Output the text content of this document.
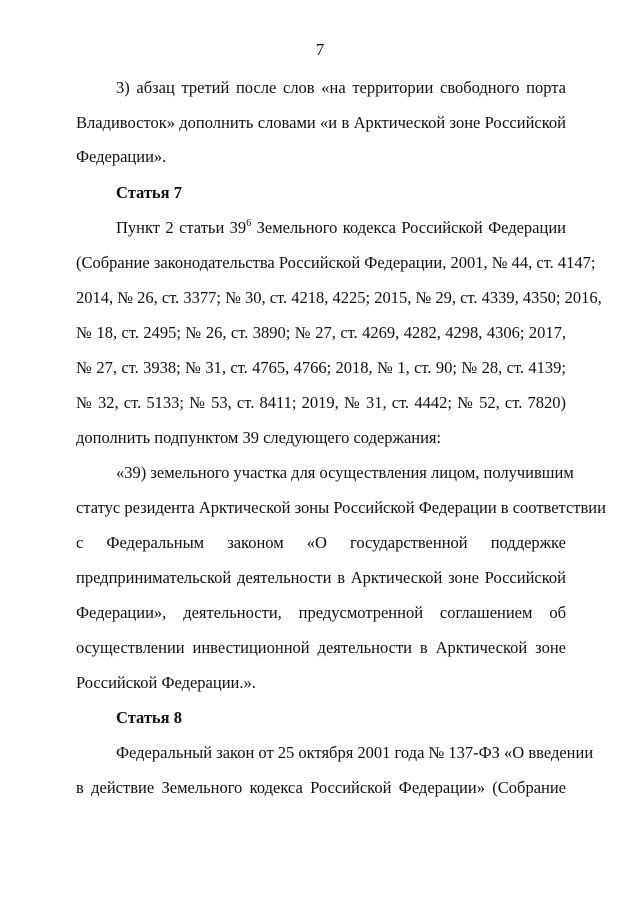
7
3) абзац третий после слов «на территории свободного порта
Владивосток» дополнить словами «и в Арктической зоне Российской
Федерации».
Статья 7
Пункт 2 статьи $39^6$ Земельного кодекса Российской Федерации
(Собрание законодательства Российской Федерации, 2001, № 44, ст. 4147;
2014, № 26, ст. 3377; № 30, ст. 4218, 4225; 2015, № 29, ст. 4339, 4350; 2016,
№ 18, ст. 2495; № 26, ст. 3890; № 27, ст. 4269, 4282, 4298, 4306; 2017,
№ 27, ст. 3938; № 31, ст. 4765, 4766; 2018, № 1, ст. 90; № 28, ст. 4139;
№ 32, ст. 5133; № 53, ст. 8411; 2019, № 31, ст. 4442; № 52, ст. 7820)
дополнить подпунктом 39 следующего содержания:
«39) земельного участка для осуществления лицом, получившим
статус резидента Арктической зоны Российской Федерации в соответствии
с Федеральным законом «О государственной поддержке
предпринимательской деятельности в Арктической зоне Российской
Федерации», деятельности, предусмотренной соглашением об
осуществлении инвестиционной деятельности в Арктической зоне
Российской Федерации.».
Статья 8
Федеральный закон от 25 октября 2001 года № 137-ФЗ «О введении
в действие Земельного кодекса Российской Федерации» (Собрание
